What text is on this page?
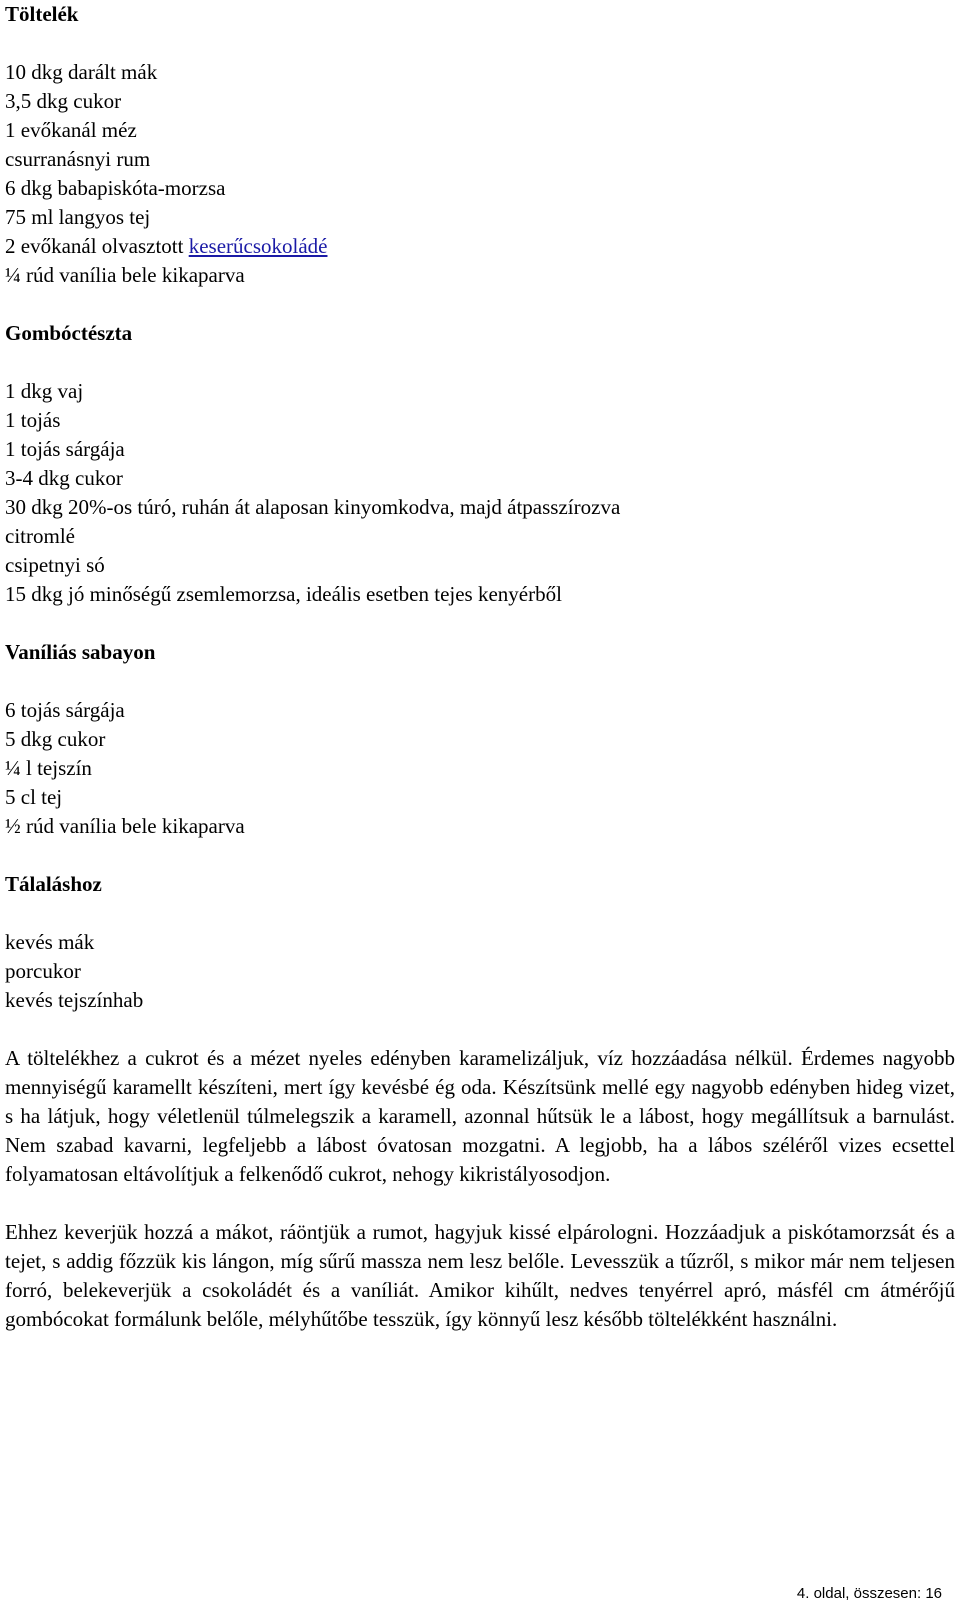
Töltelék
10 dkg darált mák
3,5 dkg cukor
1 evőkanál méz
csurranásnyi rum
6 dkg babapiskóta-morzsa
75 ml langyos tej
2 evőkanál olvasztott keserűcsokoládé
¼ rúd vanília bele kikaparva
Gombóctészta
1 dkg vaj
1 tojás
1 tojás sárgája
3-4 dkg cukor
30 dkg 20%-os túró, ruhán át alaposan kinyomkodva, majd átpasszírozva
citromlé
csipetnyi só
15 dkg jó minőségű zsemlemorzsa, ideális esetben tejes kenyérből
Vaníliás sabayon
6 tojás sárgája
5 dkg cukor
¼ l tejszín
5 cl tej
½ rúd vanília bele kikaparva
Tálaláshoz
kevés mák
porcukor
kevés tejszínhab

A töltelékhez a cukrot és a mézet nyeles edényben karamelizáljuk, víz hozzáadása nélkül. Érdemes nagyobb mennyiségű karamellt készíteni, mert így kevésbé ég oda. Készítsünk mellé egy nagyobb edényben hideg vizet, s ha látjuk, hogy véletlenül túlmelegszik a karamell, azonnal hűtsük le a lábost, hogy megállítsuk a barnulást. Nem szabad kavarni, legfeljebb a lábost óvatosan mozgatni. A legjobb, ha a lábos széléről vizes ecsettel folyamatosan eltávolítjuk a felkenődő cukrot, nehogy kikristályosodjon.

Ehhez keverjük hozzá a mákot, ráöntjük a rumot, hagyjuk kissé elpárologni. Hozzáadjuk a piskótamorzsát és a tejet, s addig főzzük kis lángon, míg sűrű massza nem lesz belőle. Levesszük a tűzről, s mikor már nem teljesen forró, belekeverjük a csokoládét és a vaníliát. Amikor kihűlt, nedves tenyérrel apró, másfél cm átmérőjű gombócokat formálunk belőle, mélyhűtőbe tesszük, így könnyű lesz később töltelékként használni.

4. oldal, összesen: 16
